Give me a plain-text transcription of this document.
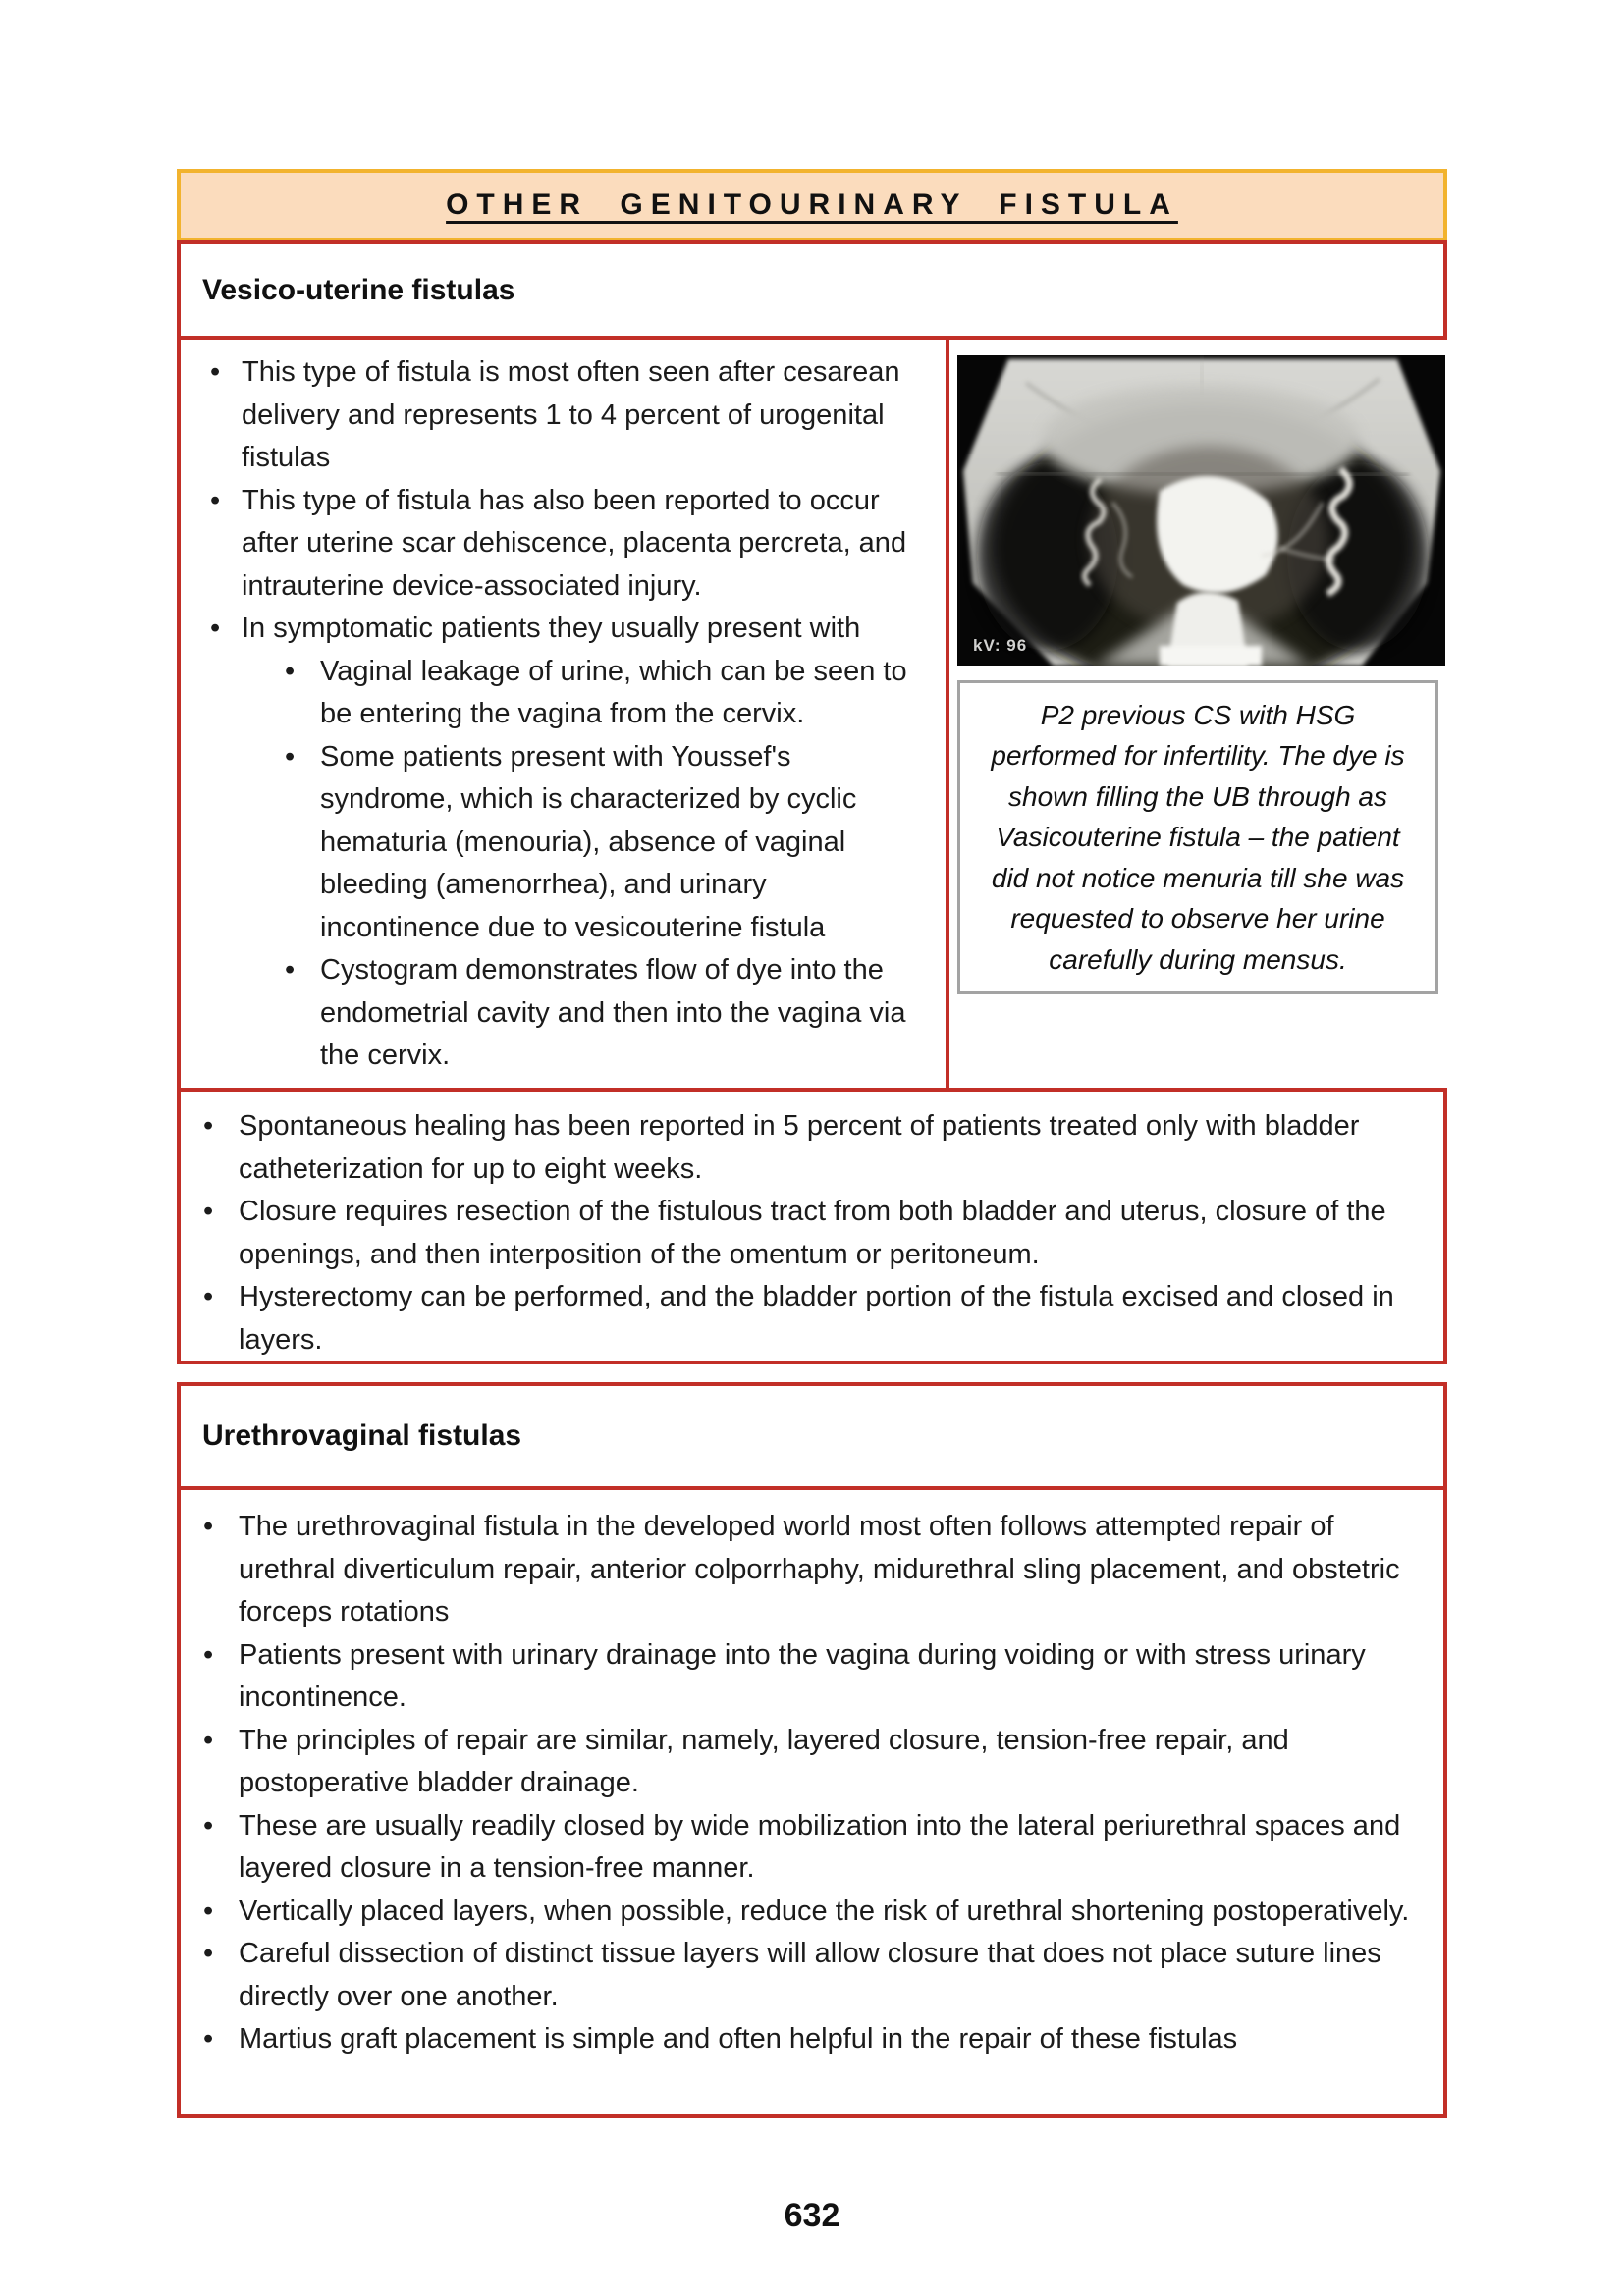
OTHER GENITOURINARY FISTULA
Vesico-uterine fistulas
• This type of fistula is most often seen after cesarean delivery and represents 1 to 4 percent of urogenital fistulas
• This type of fistula has also been reported to occur after uterine scar dehiscence, placenta percreta, and intrauterine device-associated injury.
• In symptomatic patients they usually present with
• Vaginal leakage of urine, which can be seen to be entering the vagina from the cervix.
• Some patients present with Youssef's syndrome, which is characterized by cyclic hematuria (menouria), absence of vaginal bleeding (amenorrhea), and urinary incontinence due to vesicouterine fistula
• Cystogram demonstrates flow of dye into the endometrial cavity and then into the vagina via the cervix.
kV: 96

P2 previous CS with HSG performed for infertility. The dye is shown filling the UB through as Vasicouterine fistula – the patient did not notice menuria till she was requested to observe her urine carefully during mensus.

• Spontaneous healing has been reported in 5 percent of patients treated only with bladder catheterization for up to eight weeks.
• Closure requires resection of the fistulous tract from both bladder and uterus, closure of the openings, and then interposition of the omentum or peritoneum.
• Hysterectomy can be performed, and the bladder portion of the fistula excised and closed in layers.
Urethrovaginal fistulas
• The urethrovaginal fistula in the developed world most often follows attempted repair of urethral diverticulum repair, anterior colporrhaphy, midurethral sling placement, and obstetric forceps rotations
• Patients present with urinary drainage into the vagina during voiding or with stress urinary incontinence.
• The principles of repair are similar, namely, layered closure, tension-free repair, and postoperative bladder drainage.
• These are usually readily closed by wide mobilization into the lateral periurethral spaces and layered closure in a tension-free manner.
• Vertically placed layers, when possible, reduce the risk of urethral shortening postoperatively.
• Careful dissection of distinct tissue layers will allow closure that does not place suture lines directly over one another.
• Martius graft placement is simple and often helpful in the repair of these fistulas
632
